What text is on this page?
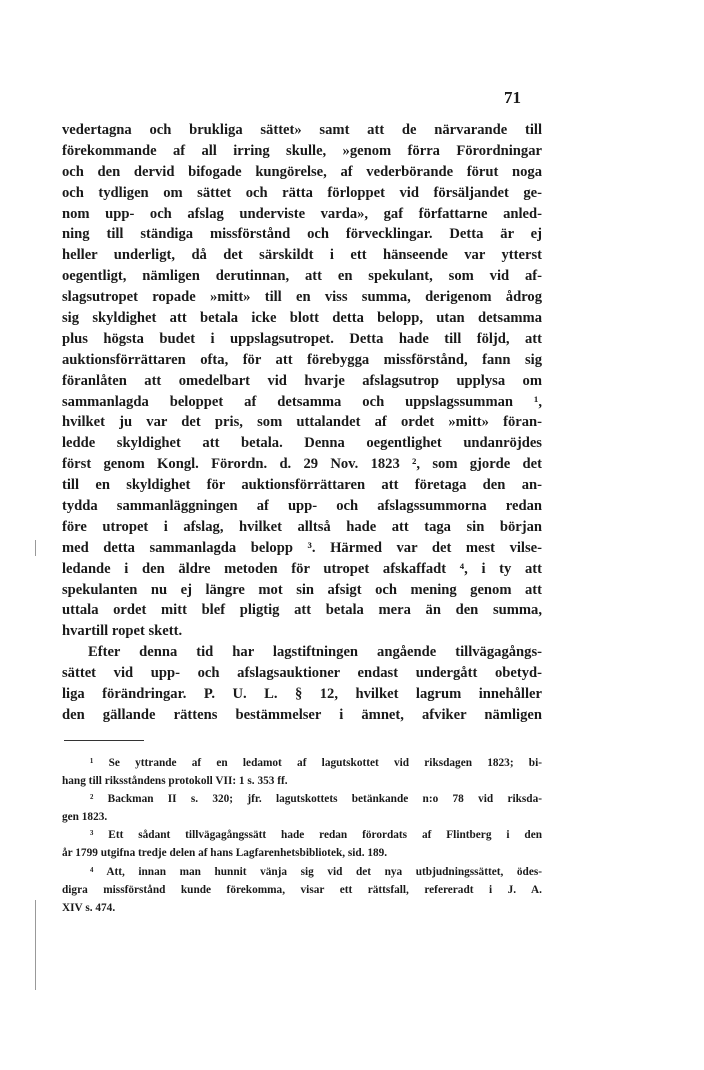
71
vedertagna och brukliga sättet» samt att de närvarande till
förekommande af all irring skulle, »genom förra Förordningar
och den dervid bifogade kungörelse, af vederbörande förut noga
och tydligen om sättet och rätta förloppet vid försäljandet ge-
nom upp- och afslag underviste varda», gaf författarne anled-
ning till ständiga missförstånd och förvecklingar. Detta är ej
heller underligt, då det särskildt i ett hänseende var ytterst
oegentligt, nämligen derutinnan, att en spekulant, som vid af-
slagsutropet ropade »mitt» till en viss summa, derigenom ådrog
sig skyldighet att betala icke blott detta belopp, utan detsamma
plus högsta budet i uppslagsutropet. Detta hade till följd, att
auktionsförrättaren ofta, för att förebygga missförstånd, fann sig
föranlåten att omedelbart vid hvarje afslagsutrop upplysa om
sammanlagda beloppet af detsamma och uppslagssumman ¹,
hvilket ju var det pris, som uttalandet af ordet »mitt» föran-
ledde skyldighet att betala. Denna oegentlighet undanröjdes
först genom Kongl. Förordn. d. 29 Nov. 1823 ², som gjorde det
till en skyldighet för auktionsförrättaren att företaga den an-
tydda sammanläggningen af upp- och afslagssummorna redan
före utropet i afslag, hvilket alltså hade att taga sin början
med detta sammanlagda belopp ³. Härmed var det mest vilse-
ledande i den äldre metoden för utropet afskaffadt ⁴, i ty att
spekulanten nu ej längre mot sin afsigt och mening genom att
uttala ordet mitt blef pligtig att betala mera än den summa,
hvartill ropet skett.
Efter denna tid har lagstiftningen angående tillvägagångs-
sättet vid upp- och afslagsauktioner endast undergått obetyd-
liga förändringar. P. U. L. § 12, hvilket lagrum innehåller
den gällande rättens bestämmelser i ämnet, afviker nämligen
¹ Se yttrande af en ledamot af lagutskottet vid riksdagen 1823; bi-
hang till riksståndens protokoll VII: 1 s. 353 ff.
² Backman II s. 320; jfr. lagutskottets betänkande n:o 78 vid riksda-
gen 1823.
³ Ett sådant tillvägagångssätt hade redan förordats af Flintberg i den
år 1799 utgifna tredje delen af hans Lagfarenhetsbibliotek, sid. 189.
⁴ Att, innan man hunnit vänja sig vid det nya utbjudningssättet, ödes-
digra missförstånd kunde förekomma, visar ett rättsfall, refereradt i J. A.
XIV s. 474.
